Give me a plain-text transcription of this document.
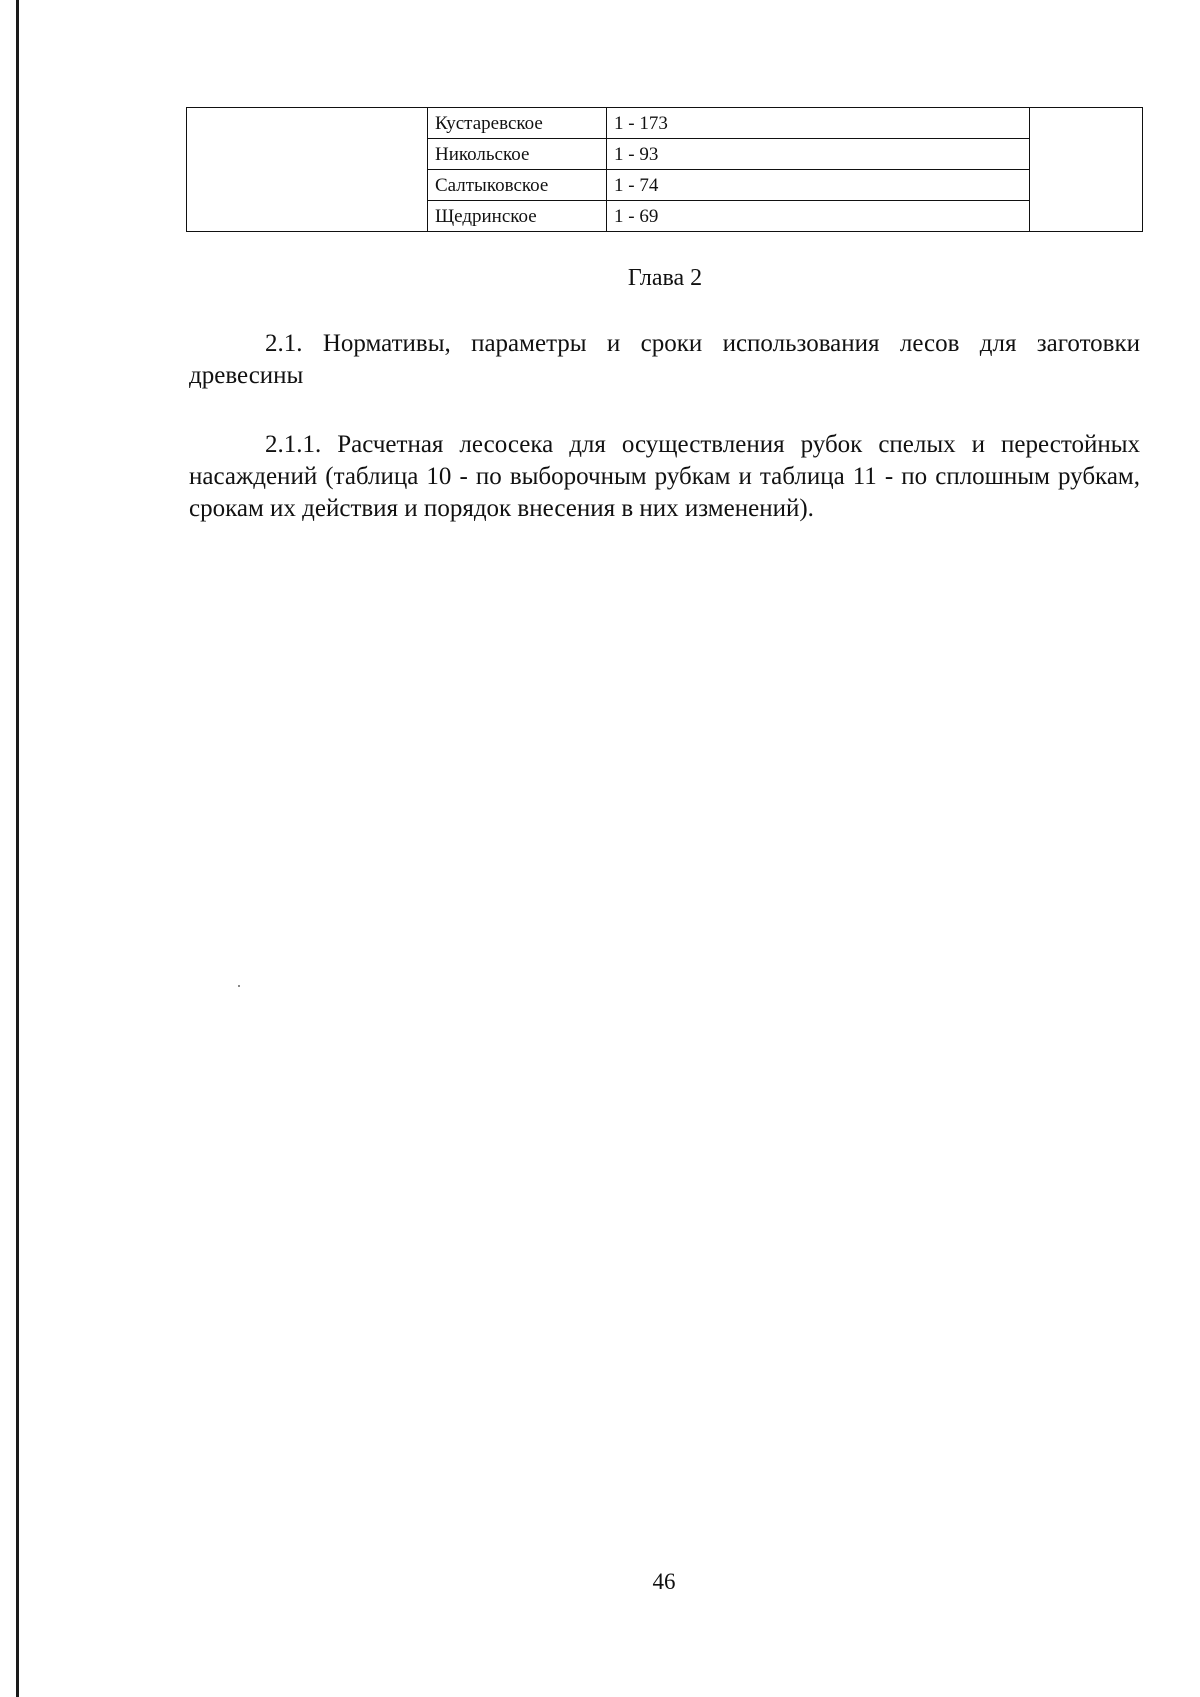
	Кустаревское	1 - 173	
	Никольское	1 - 93	
	Салтыковское	1 - 74	
	Щедринское	1 - 69	
Глава 2

2.1. Нормативы, параметры и сроки использования лесов для заготовки древесины

2.1.1. Расчетная лесосека для осуществления рубок спелых и перестойных насаждений (таблица 10 - по выборочным рубкам и таблица 11 - по сплошным рубкам, срокам их действия и порядок внесения в них изменений).

46
